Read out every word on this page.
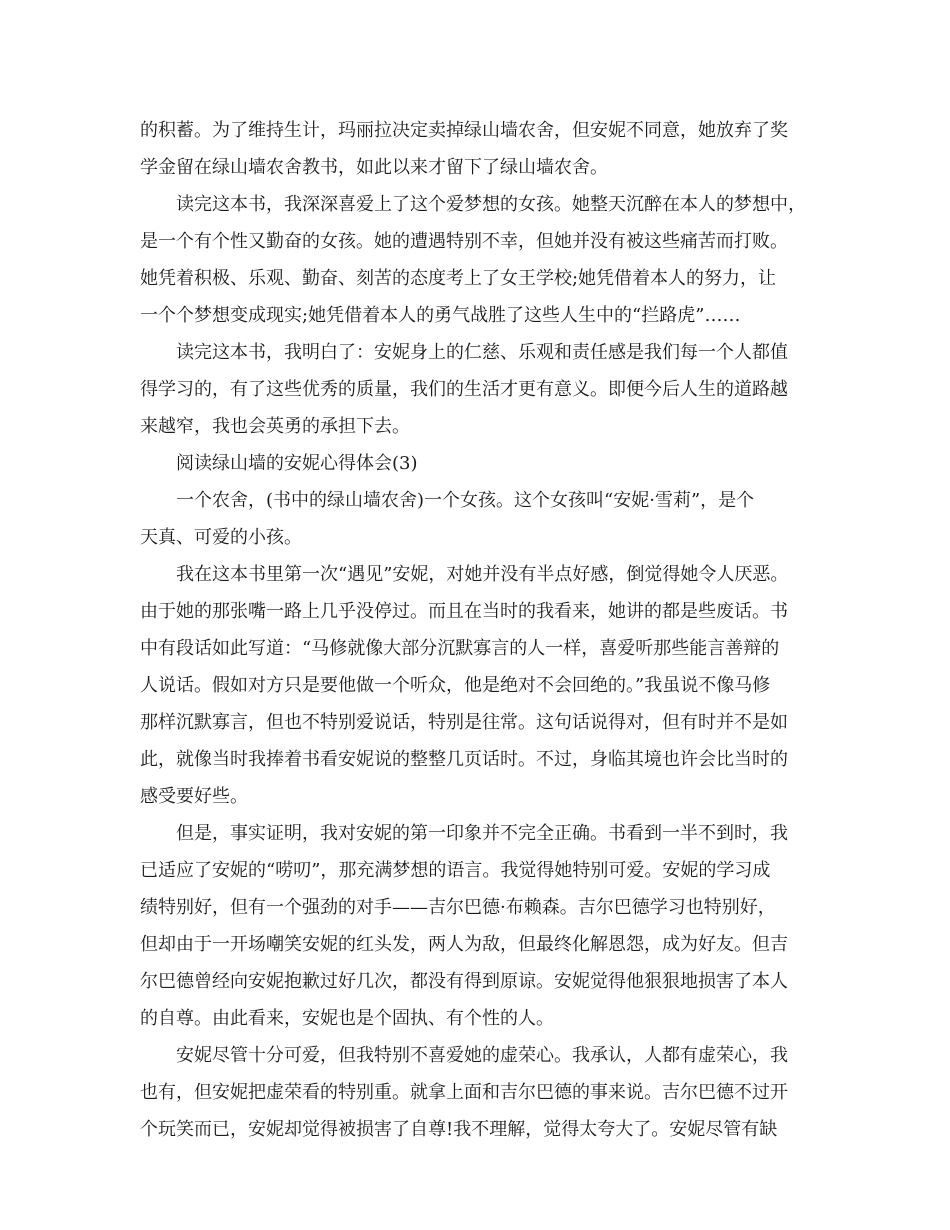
的积蓄。为了维持生计，玛丽拉决定卖掉绿山墙农舍，但安妮不同意，她放弃了奖
学金留在绿山墙农舍教书，如此以来才留下了绿山墙农舍。
读完这本书，我深深喜爱上了这个爱梦想的女孩。她整天沉醉在本人的梦想中，
是一个有个性又勤奋的女孩。她的遭遇特别不幸，但她并没有被这些痛苦而打败。
她凭着积极、乐观、勤奋、刻苦的态度考上了女王学校;她凭借着本人的努力，让
一个个梦想变成现实;她凭借着本人的勇气战胜了这些人生中的“拦路虎”……
读完这本书，我明白了：安妮身上的仁慈、乐观和责任感是我们每一个人都值
得学习的，有了这些优秀的质量，我们的生活才更有意义。即便今后人生的道路越
来越窄，我也会英勇的承担下去。
阅读绿山墙的安妮心得体会(3)
一个农舍，(书中的绿山墙农舍)一个女孩。这个女孩叫“安妮·雪莉”，是个
天真、可爱的小孩。
我在这本书里第一次“遇见”安妮，对她并没有半点好感，倒觉得她令人厌恶。
由于她的那张嘴一路上几乎没停过。而且在当时的我看来，她讲的都是些废话。书
中有段话如此写道：“马修就像大部分沉默寡言的人一样，喜爱听那些能言善辩的
人说话。假如对方只是要他做一个听众，他是绝对不会回绝的。”我虽说不像马修
那样沉默寡言，但也不特别爱说话，特别是往常。这句话说得对，但有时并不是如
此，就像当时我捧着书看安妮说的整整几页话时。不过，身临其境也许会比当时的
感受要好些。
但是，事实证明，我对安妮的第一印象并不完全正确。书看到一半不到时，我
已适应了安妮的“唠叨”，那充满梦想的语言。我觉得她特别可爱。安妮的学习成
绩特别好，但有一个强劲的对手——吉尔巴德·布赖森。吉尔巴德学习也特别好，
但却由于一开场嘲笑安妮的红头发，两人为敌，但最终化解恩怨，成为好友。但吉
尔巴德曾经向安妮抱歉过好几次，都没有得到原谅。安妮觉得他狠狠地损害了本人
的自尊。由此看来，安妮也是个固执、有个性的人。
安妮尽管十分可爱，但我特别不喜爱她的虚荣心。我承认，人都有虚荣心，我
也有，但安妮把虚荣看的特别重。就拿上面和吉尔巴德的事来说。吉尔巴德不过开
个玩笑而已，安妮却觉得被损害了自尊!我不理解，觉得太夸大了。安妮尽管有缺
